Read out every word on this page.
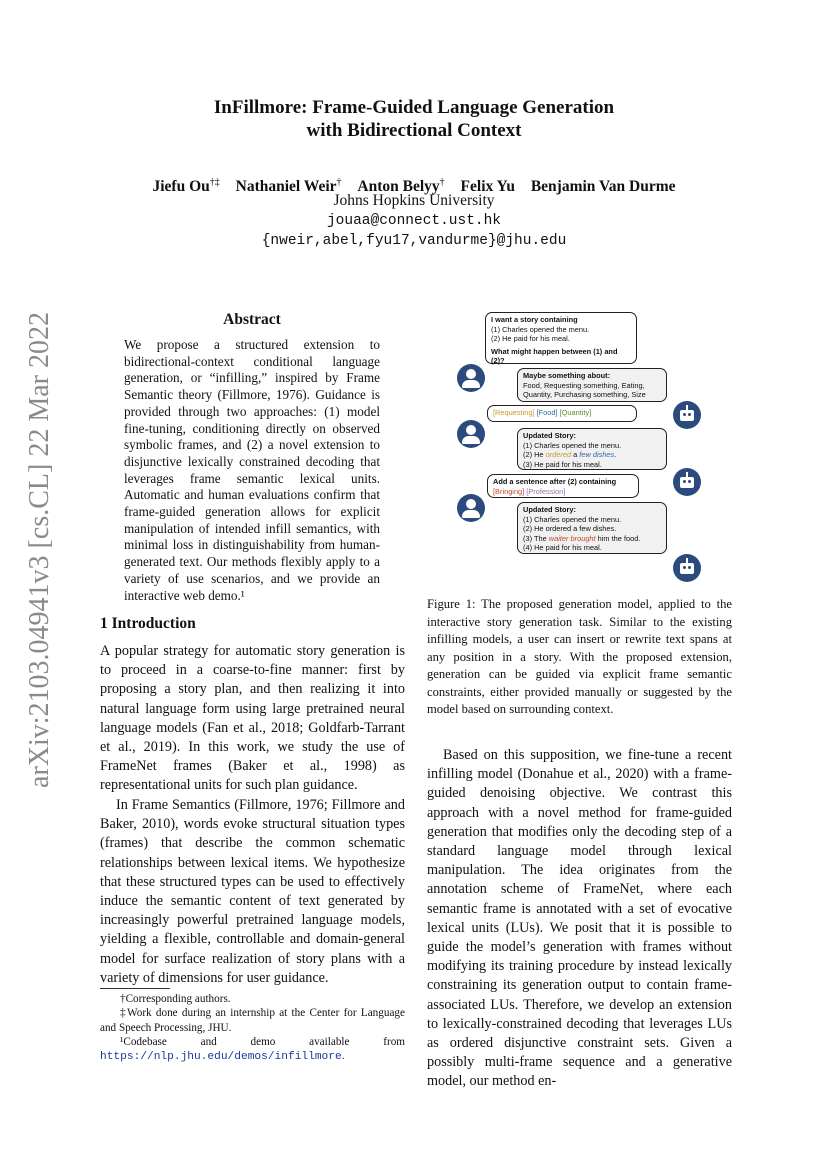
arXiv:2103.04941v3 [cs.CL] 22 Mar 2022
InFillmore: Frame-Guided Language Generation
with Bidirectional Context
Jiefu Ou†‡ Nathaniel Weir† Anton Belyy† Felix Yu Benjamin Van Durme
Johns Hopkins University
jouaa@connect.ust.hk
{nweir,abel,fyu17,vandurme}@jhu.edu
Abstract
We propose a structured extension to bidirectional-context conditional language generation, or “infilling,” inspired by Frame Semantic theory (Fillmore, 1976). Guidance is provided through two approaches: (1) model fine-tuning, conditioning directly on observed symbolic frames, and (2) a novel extension to disjunctive lexically constrained decoding that leverages frame semantic lexical units. Automatic and human evaluations confirm that frame-guided generation allows for explicit manipulation of intended infill semantics, with minimal loss in distinguishability from human-generated text. Our methods flexibly apply to a variety of use scenarios, and we provide an interactive web demo.¹
1 Introduction

A popular strategy for automatic story generation is to proceed in a coarse-to-fine manner: first by proposing a story plan, and then realizing it into natural language form using large pretrained neural language models (Fan et al., 2018; Goldfarb-Tarrant et al., 2019). In this work, we study the use of FrameNet frames (Baker et al., 1998) as representational units for such plan guidance.

In Frame Semantics (Fillmore, 1976; Fillmore and Baker, 2010), words evoke structural situation types (frames) that describe the common schematic relationships between lexical items. We hypothesize that these structured types can be used to effectively induce the semantic content of text generated by increasingly powerful pretrained language models, yielding a flexible, controllable and domain-general model for surface realization of story plans with a variety of dimensions for user guidance.

†Corresponding authors.

‡Work done during an internship at the Center for Language and Speech Processing, JHU.

¹Codebase and demo available from https://nlp.jhu.edu/demos/infillmore.

I want a story containing
(1) Charles opened the menu.
(2) He paid for his meal.
What might happen between (1) and (2)?
Maybe something about:
Food, Requesting something, Eating, Quantity, Purchasing something, Size
[Requesting] [Food] [Quantity]
Updated Story:
(1) Charles opened the menu.
(2) He ordered a few dishes.
(3) He paid for his meal.
Add a sentence after (2) containing
[Bringing] [Profession]
Updated Story:
(1) Charles opened the menu.
(2) He ordered a few dishes.
(3) The waiter brought him the food.
(4) He paid for his meal.
Figure 1: The proposed generation model, applied to the interactive story generation task. Similar to the existing infilling models, a user can insert or rewrite text spans at any position in a story. With the proposed extension, generation can be guided via explicit frame semantic constraints, either provided manually or suggested by the model based on surrounding context.

Based on this supposition, we fine-tune a recent infilling model (Donahue et al., 2020) with a frame-guided denoising objective. We contrast this approach with a novel method for frame-guided generation that modifies only the decoding step of a standard language model through lexical manipulation. The idea originates from the annotation scheme of FrameNet, where each semantic frame is annotated with a set of evocative lexical units (LUs). We posit that it is possible to guide the model’s generation with frames without modifying its training procedure by instead lexically constraining its generation output to contain frame-associated LUs. Therefore, we develop an extension to lexically-constrained decoding that leverages LUs as ordered disjunctive constraint sets. Given a possibly multi-frame sequence and a generative model, our method en-
